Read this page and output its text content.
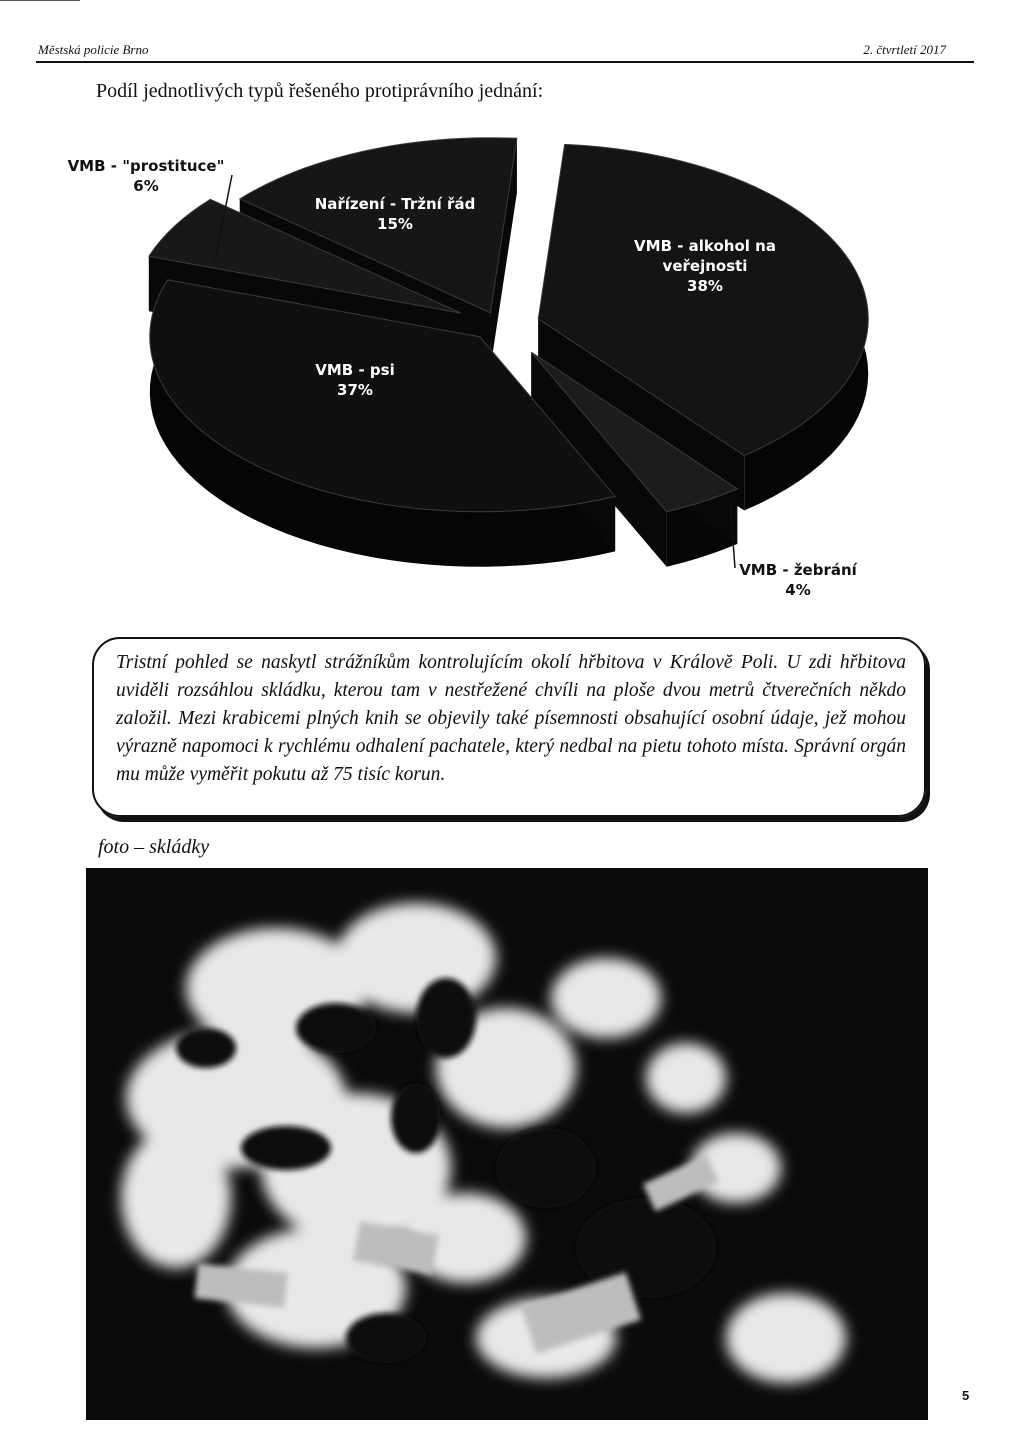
Městská policie Brno	2. čtvrtletí 2017
Podíl jednotlivých typů řešeného protiprávního jednání:
VMB - "prostituce"
6%
Nařízení - Tržní řád
15%
VMB - alkohol na
veřejnosti
38%
VMB - psi
37%
VMB - žebrání
4%
Tristní pohled se naskytl strážníkům kontrolujícím okolí hřbitova v Královĕ Poli. U zdi hřbitova uviděli rozsáhlou skládku, kterou tam v nestřežené chvíli na ploše dvou metrů čtverečních někdo založil. Mezi krabicemi plných knih se objevily také písemnosti obsahující osobní údaje, jež mohou výrazně napomoci k rychlému odhalení pachatele, který nedbal na pietu tohoto místa. Správní orgán mu může vyměřit pokutu až 75 tisíc korun.
foto – skládky
5
